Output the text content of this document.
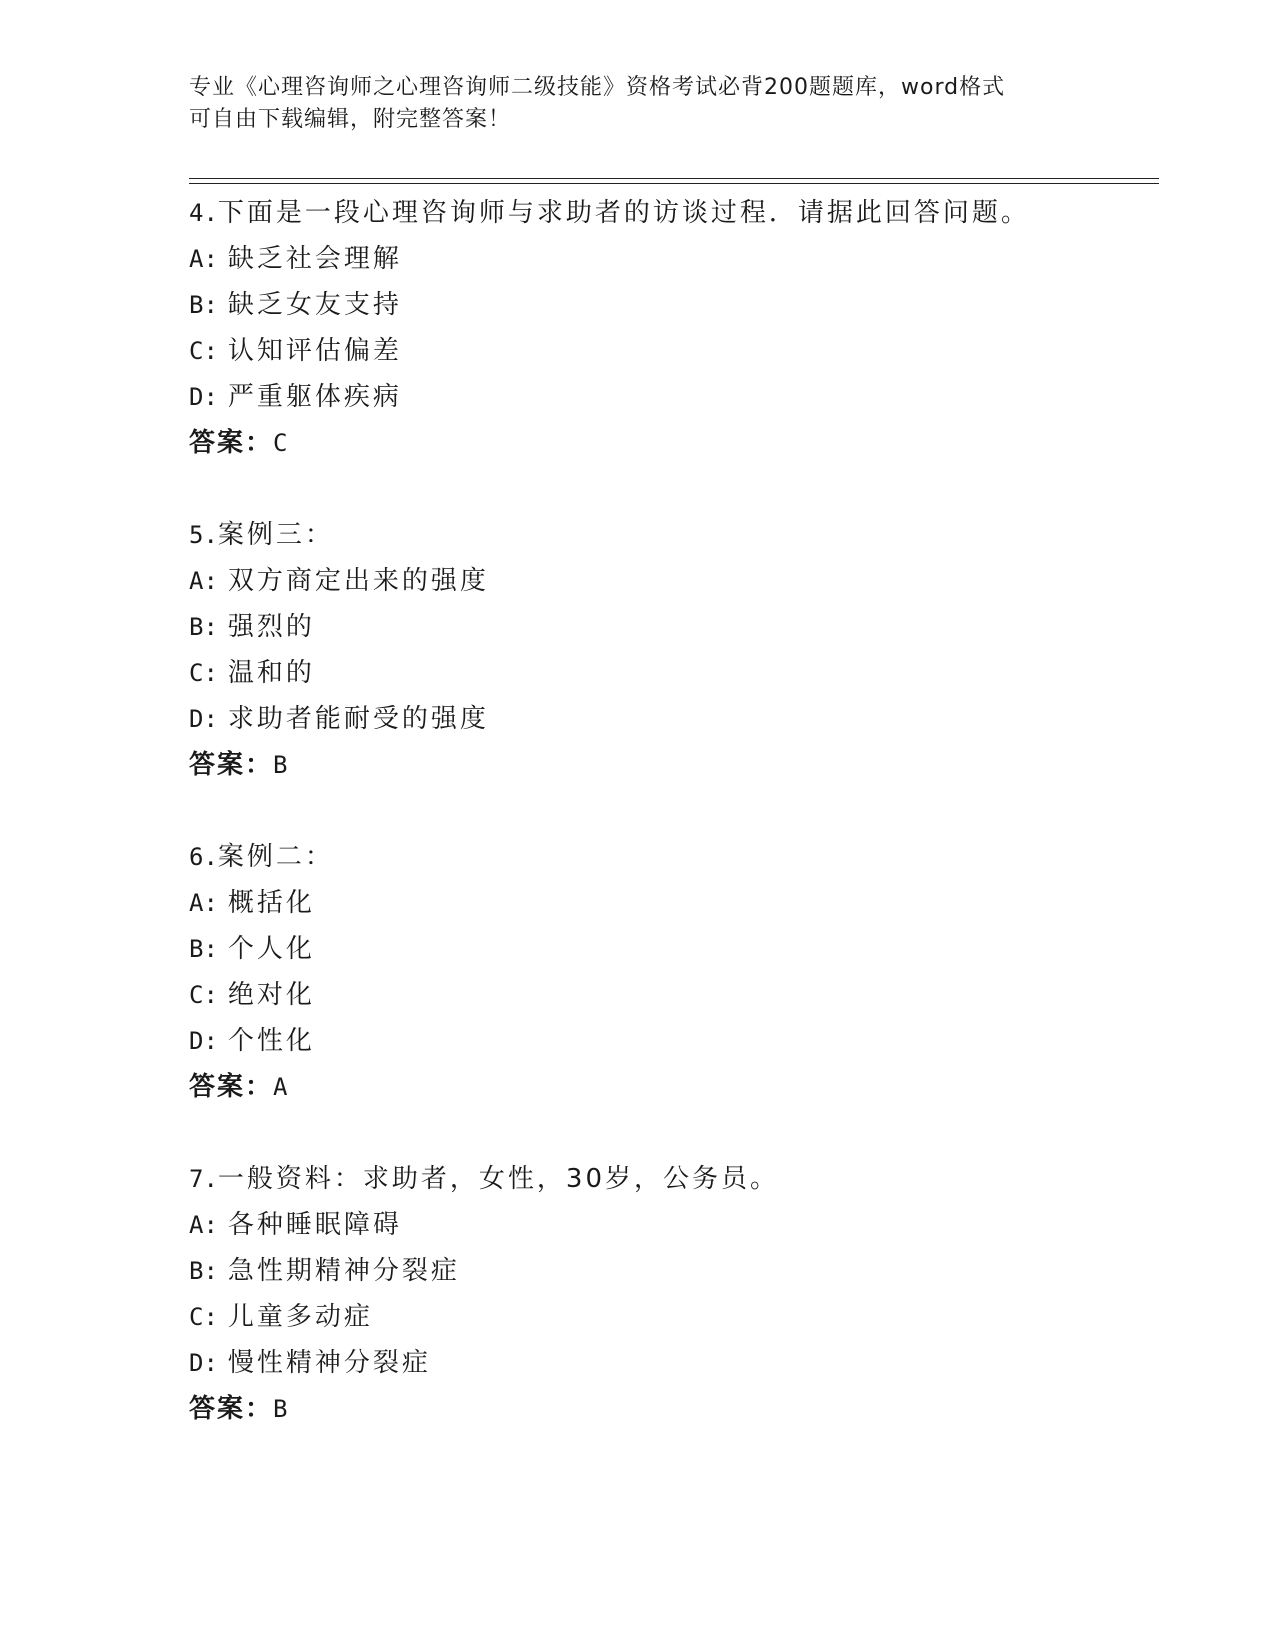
专业《心理咨询师之心理咨询师二级技能》资格考试必背200题题库，word格式
可自由下载编辑，附完整答案！
4.下面是一段心理咨询师与求助者的访谈过程．请据此回答问题。
A: 缺乏社会理解
B: 缺乏女友支持
C: 认知评估偏差
D: 严重躯体疾病
答案：C
5.案例三：
A: 双方商定出来的强度
B: 强烈的
C: 温和的
D: 求助者能耐受的强度
答案：B
6.案例二：
A: 概括化
B: 个人化
C: 绝对化
D: 个性化
答案：A
7.一般资料：求助者，女性，30岁，公务员。
A: 各种睡眠障碍
B: 急性期精神分裂症
C: 儿童多动症
D: 慢性精神分裂症
答案：B
